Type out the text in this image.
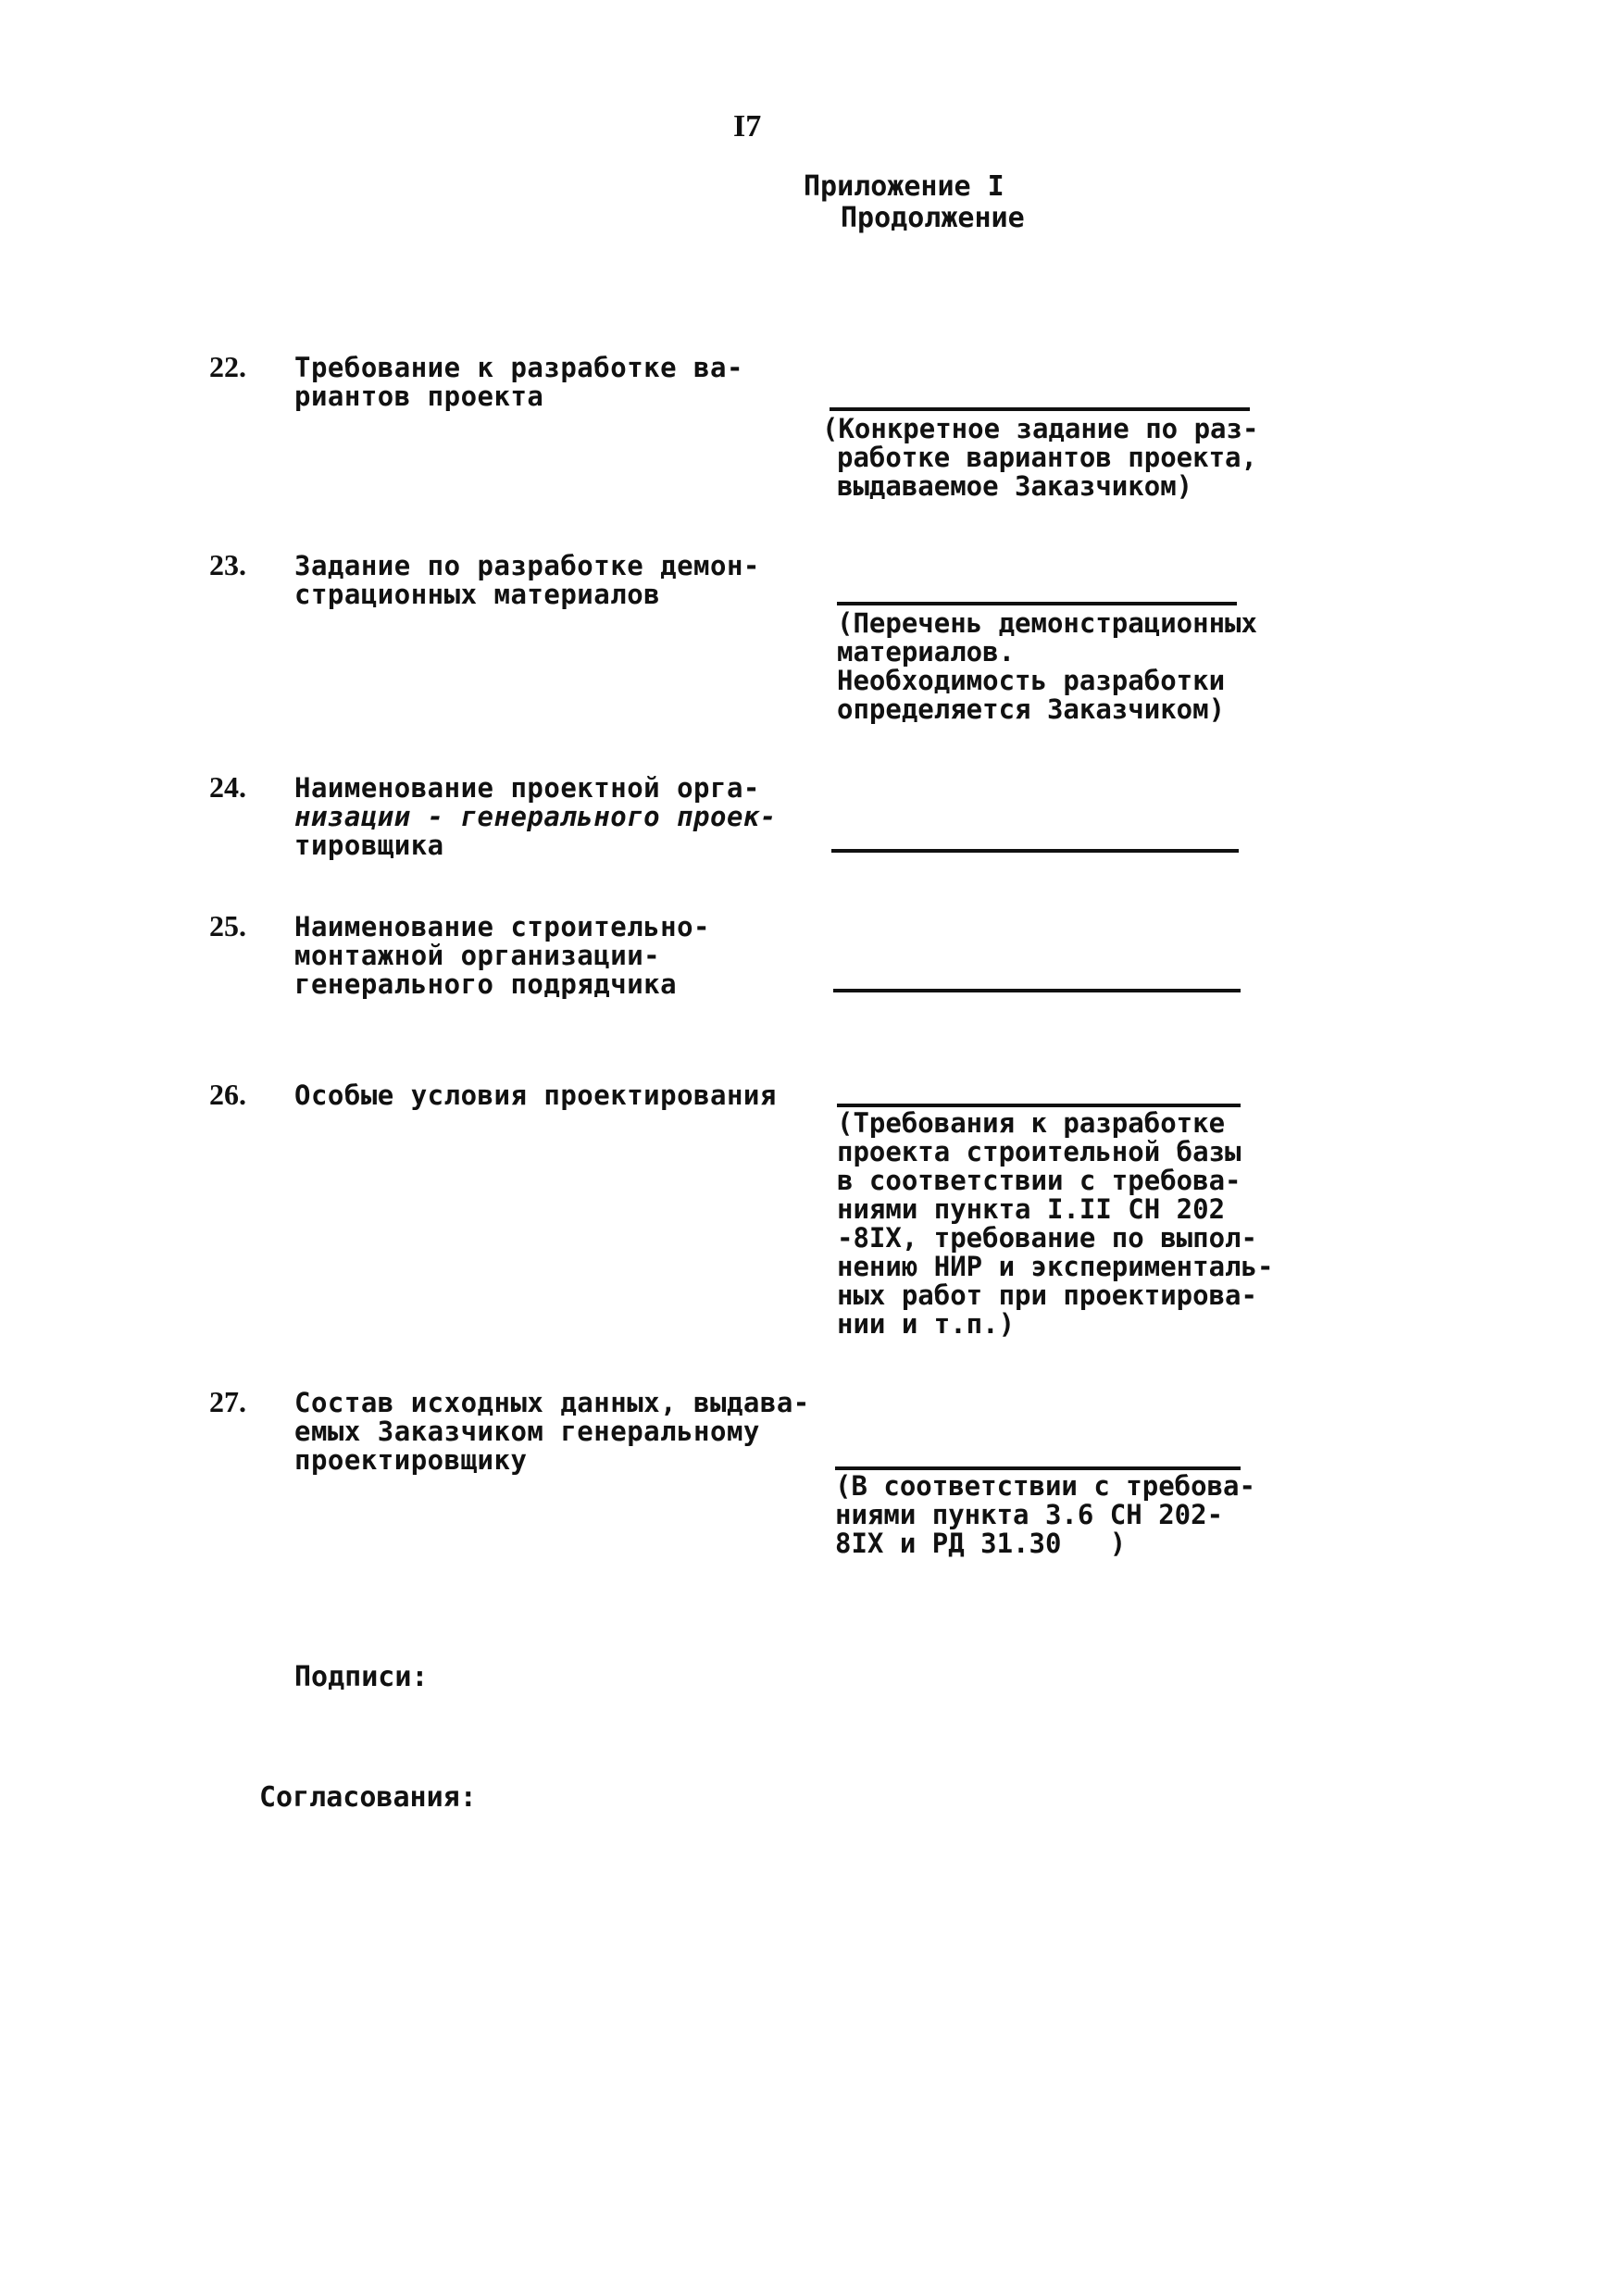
I7
Приложение I
Продолжение
22. Требование к разработке ва-
риантов проекта
(Конкретное задание по раз-
работке вариантов проекта,
выдаваемое Заказчиком)
23. Задание по разработке демон-
страционных материалов
(Перечень демонстрационных
материалов.
Необходимость разработки
определяется Заказчиком)
24. Наименование проектной орга-
низации - генерального проек-
тировщика
25. Наименование строительно-
монтажной организации-
генерального подрядчика
26. Особые условия проектирования
(Требования к разработке
проекта строительной базы
в соответствии с требова-
ниями пункта I.II СН 202
-8IX, требование по выпол-
нению НИР и эксперименталь-
ных работ при проектирова-
нии и т.п.)
27. Состав исходных данных, выдава-
емых Заказчиком генеральному
проектировщику
(В соответствии с требова-
ниями пункта 3.6 СН 202-
8IX и РД 31.30   )
Подписи:
Согласования:
